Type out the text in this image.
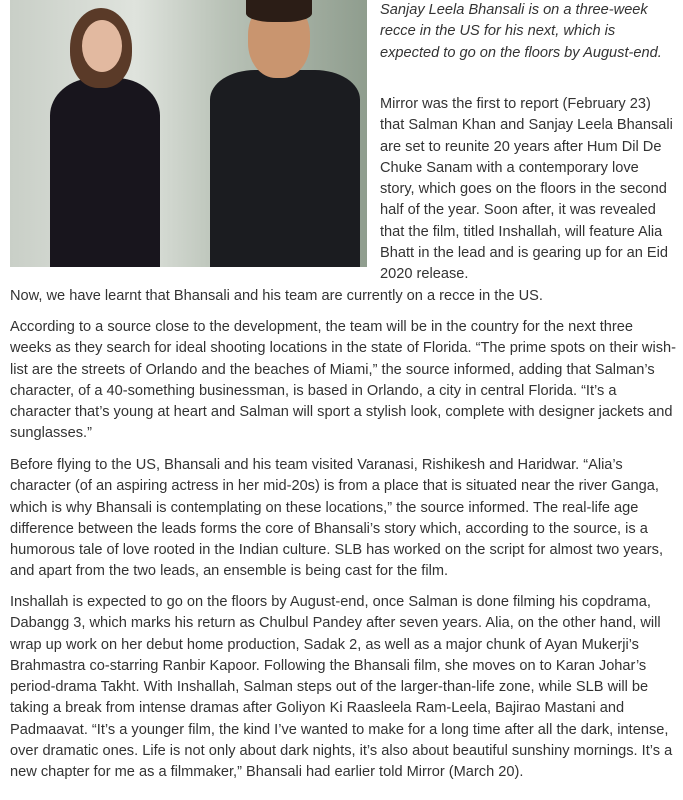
Sanjay Leela Bhansali is on a three-week recce in the US for his next, which is expected to go on the floors by August-end.
Mirror was the first to report (February 23) that Salman Khan and Sanjay Leela Bhansali are set to reunite 20 years after Hum Dil De Chuke Sanam with a contemporary love story, which goes on the floors in the second half of the year. Soon after, it was revealed that the film, titled Inshallah, will feature Alia Bhatt in the lead and is gearing up for an Eid 2020 release.
Now, we have learnt that Bhansali and his team are currently on a recce in the US.
According to a source close to the development, the team will be in the country for the next three weeks as they search for ideal shooting locations in the state of Florida. “The prime spots on their wish-list are the streets of Orlando and the beaches of Miami,” the source informed, adding that Salman’s character, of a 40-something businessman, is based in Orlando, a city in central Florida. “It’s a character that’s young at heart and Salman will sport a stylish look, complete with designer jackets and sunglasses.”
Before flying to the US, Bhansali and his team visited Varanasi, Rishikesh and Haridwar. “Alia’s character (of an aspiring actress in her mid-20s) is from a place that is situated near the river Ganga, which is why Bhansali is contemplating on these locations,” the source informed. The real-life age difference between the leads forms the core of Bhansali’s story which, according to the source, is a humorous tale of love rooted in the Indian culture. SLB has worked on the script for almost two years, and apart from the two leads, an ensemble is being cast for the film.
Inshallah is expected to go on the floors by August-end, once Salman is done filming his copdrama, Dabangg 3, which marks his return as Chulbul Pandey after seven years. Alia, on the other hand, will wrap up work on her debut home production, Sadak 2, as well as a major chunk of Ayan Mukerji’s Brahmastra co-starring Ranbir Kapoor. Following the Bhansali film, she moves on to Karan Johar’s period-drama Takht. With Inshallah, Salman steps out of the larger-than-life zone, while SLB will be taking a break from intense dramas after Goliyon Ki Raasleela Ram-Leela, Bajirao Mastani and Padmaavat. “It’s a younger film, the kind I’ve wanted to make for a long time after all the dark, intense, over dramatic ones. Life is not only about dark nights, it’s also about beautiful sunshiny mornings. It’s a new chapter for me as a filmmaker,” Bhansali had earlier told Mirror (March 20).
